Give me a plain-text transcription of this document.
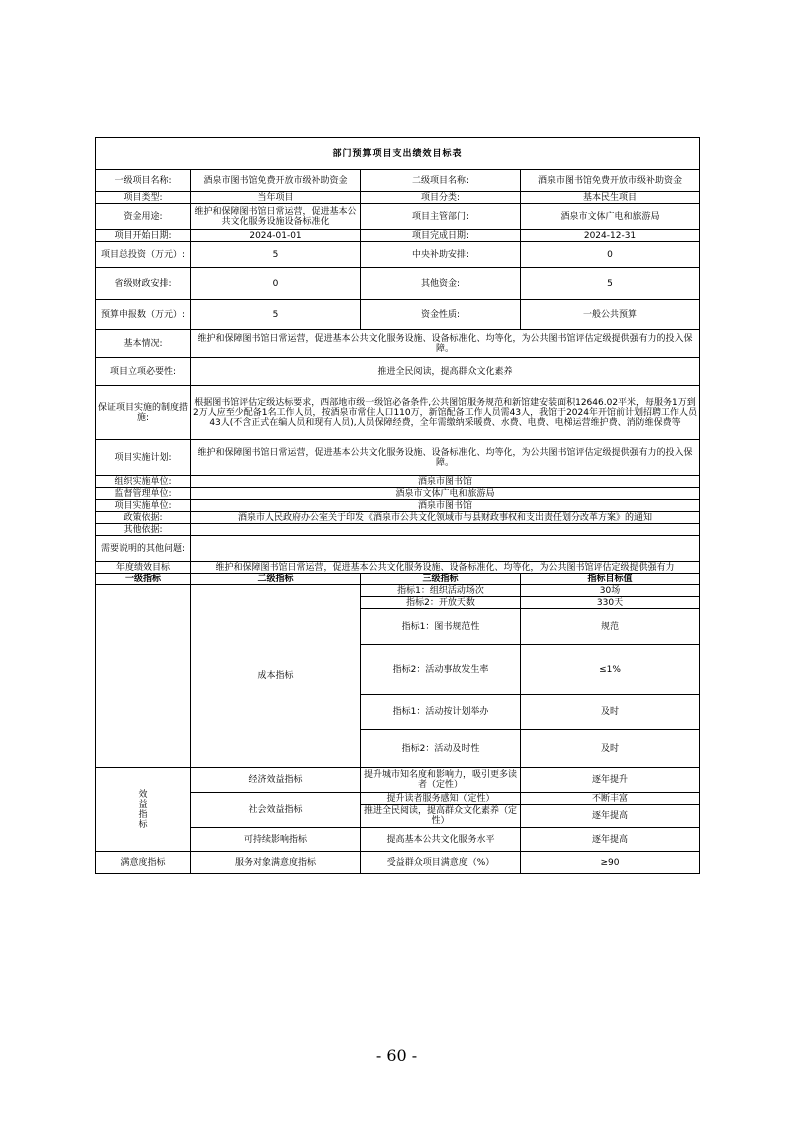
部门预算项目支出绩效目标表			
一级项目名称:	酒泉市图书馆免费开放市级补助资金	二级项目名称:	酒泉市图书馆免费开放市级补助资金
项目类型:	当年项目	项目分类:	基本民生项目
资金用途:	维护和保障图书馆日常运营，促进基本公共文化服务设施设备标准化	项目主管部门:	酒泉市文体广电和旅游局
项目开始日期:	2024-01-01	项目完成日期:	2024-12-31
项目总投资（万元）:	5	中央补助安排:	0
省级财政安排:	0	其他资金:	5
预算申报数（万元）:	5	资金性质:	一般公共预算
基本情况:	维护和保障图书馆日常运营，促进基本公共文化服务设施、设备标准化、均等化，为公共图书馆评估定级提供强有力的投入保障。		
项目立项必要性:	推进全民阅读，提高群众文化素养		
保证项目实施的制度措施:	根据图书馆评估定级达标要求，西部地市级一级馆必备条件,公共图馆服务规范和新馆建安装面积12646.02平米，每服务1万到2万人应至少配备1名工作人员，按酒泉市常住人口110万，新馆配备工作人员需43人，我馆于2024年开馆前计划招聘工作人员43人(不含正式在编人员和现有人员),人员保障经费，全年需缴纳采暖费、水费、电费、电梯运营维护费、消防维保费等		
项目实施计划:	维护和保障图书馆日常运营，促进基本公共文化服务设施、设备标准化、均等化，为公共图书馆评估定级提供强有力的投入保障。		
组织实施单位:	酒泉市图书馆		
监督管理单位:	酒泉市文体广电和旅游局		
项目实施单位:	酒泉市图书馆		
政策依据:	酒泉市人民政府办公室关于印发《酒泉市公共文化领域市与县财政事权和支出责任划分改革方案》的通知		
其他依据:			
需要说明的其他问题:			
年度绩效目标	维护和保障图书馆日常运营，促进基本公共文化服务设施、设备标准化、均等化，为公共图书馆评估定级提供强有力		
一级指标	二级指标	三级指标	指标目标值
	成本指标	指标1：组织活动场次	30场
		指标2：开放天数	330天
		指标1：图书规范性	规范
		指标2：活动事故发生率	≤1%
		指标1：活动按计划举办	及时
		指标2：活动及时性	及时
效
益
指
标	经济效益指标	提升城市知名度和影响力，吸引更多读者（定性）	逐年提升
	社会效益指标	提升读者服务感知（定性）	不断丰富
		推进全民阅读，提高群众文化素养（定性）	逐年提高
	可持续影响指标	提高基本公共文化服务水平	逐年提高
满意度指标	服务对象满意度指标	受益群众项目满意度（%）	≥90
- 60 -
